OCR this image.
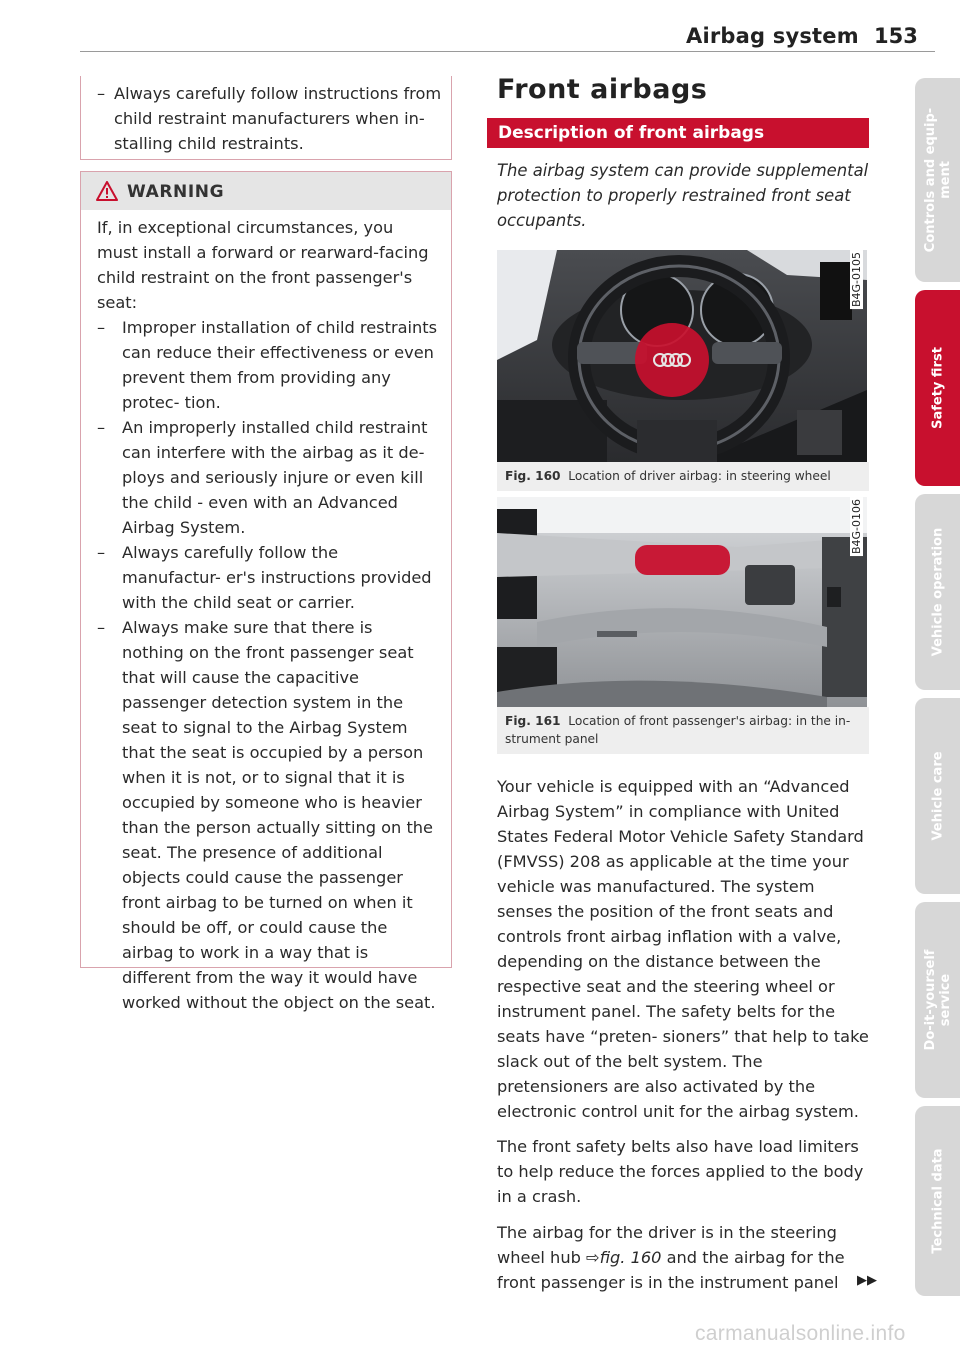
Airbag system 153
– Always carefully follow instructions from child restraint manufacturers when in- stalling child restraints.
WARNING
If, in exceptional circumstances, you must install a forward or rearward-facing child restraint on the front passenger's seat:
– Improper installation of child restraints can reduce their effectiveness or even prevent them from providing any protec- tion.
– An improperly installed child restraint can interfere with the airbag as it de- ploys and seriously injure or even kill the child - even with an Advanced Airbag System.
– Always carefully follow the manufactur- er's instructions provided with the child seat or carrier.
– Always make sure that there is nothing on the front passenger seat that will cause the capacitive passenger detection system in the seat to signal to the Airbag System that the seat is occupied by a person when it is not, or to signal that it is occupied by someone who is heavier than the person actually sitting on the seat. The presence of additional objects could cause the passenger front airbag to be turned on when it should be off, or could cause the airbag to work in a way that is different from the way it would have worked without the object on the seat.
Front airbags
Description of front airbags
The airbag system can provide supplemental protection to properly restrained front seat occupants.
B4G-0105
Fig. 160 Location of driver airbag: in steering wheel
B4G-0106
Fig. 161 Location of front passenger's airbag: in the in- strument panel
Your vehicle is equipped with an “Advanced Airbag System” in compliance with United States Federal Motor Vehicle Safety Standard (FMVSS) 208 as applicable at the time your vehicle was manufactured. The system senses the position of the front seats and controls front airbag inflation with a valve, depending on the distance between the respective seat and the steering wheel or instrument panel. The safety belts for the seats have “preten- sioners” that help to take slack out of the belt system. The pretensioners are also activated by the electronic control unit for the airbag system.
The front safety belts also have load limiters to help reduce the forces applied to the body in a crash.
The airbag for the driver is in the steering wheel hub ⇨fig. 160 and the airbag for the front passenger is in the instrument panel	▶▶
Controls and equip- ment
Safety first
Vehicle operation
Vehicle care
Do-it-yourself service
Technical data
carmanualsonline.info
